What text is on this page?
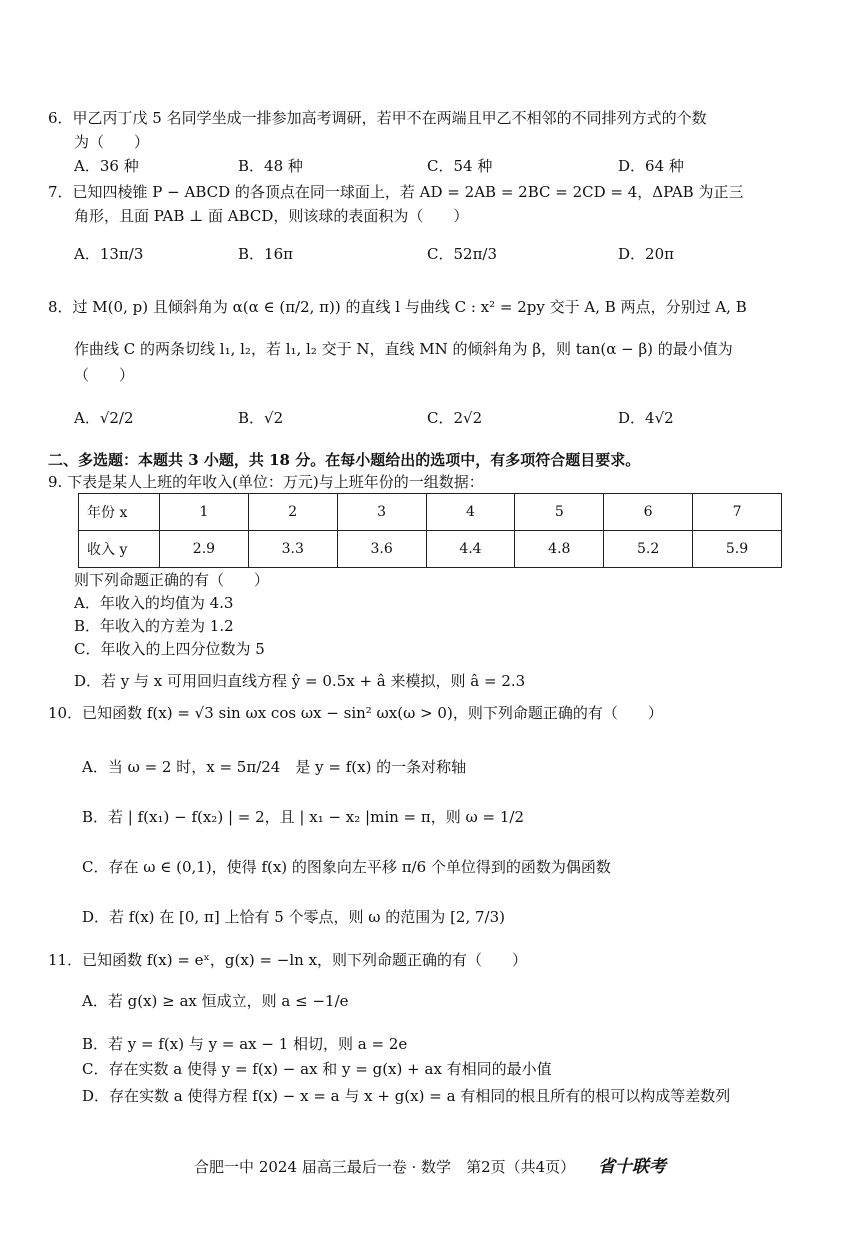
6．甲乙丙丁戊 5 名同学坐成一排参加高考调研，若甲不在两端且甲乙不相邻的不同排列方式的个数
为（　　）
A．36 种	B．48 种	C．54 种	D．64 种
7．已知四棱锥 P − ABCD 的各顶点在同一球面上，若 AD = 2AB = 2BC = 2CD = 4，ΔPAB 为正三
角形，且面 PAB ⊥ 面 ABCD，则该球的表面积为（　　）
A．13π/3	B．16π	C．52π/3	D．20π
8．过 M(0, p) 且倾斜角为 α(α ∈ (π/2, π)) 的直线 l 与曲线 C : x² = 2py 交于 A, B 两点，分别过 A, B
作曲线 C 的两条切线 l₁, l₂，若 l₁, l₂ 交于 N，直线 MN 的倾斜角为 β，则 tan(α − β) 的最小值为
（　　）
A．√2/2	B．√2	C．2√2	D．4√2
二、多选题：本题共 3 小题，共 18 分。在每小题给出的选项中，有多项符合题目要求。
9. 下表是某人上班的年收入(单位：万元)与上班年份的一组数据：
年份 x	1	2	3	4	5	6	7
收入 y	2.9	3.3	3.6	4.4	4.8	5.2	5.9
则下列命题正确的有（　　）
A．年收入的均值为 4.3
B．年收入的方差为 1.2
C．年收入的上四分位数为 5
D．若 y 与 x 可用回归直线方程 ŷ = 0.5x + â 来模拟，则 â = 2.3
10．已知函数 f(x) = √3 sin ωx cos ωx − sin² ωx(ω > 0)，则下列命题正确的有（　　）
A．当 ω = 2 时，x = 5π/24　是 y = f(x) 的一条对称轴
B．若 | f(x₁) − f(x₂) | = 2，且 | x₁ − x₂ |min = π，则 ω = 1/2
C．存在 ω ∈ (0,1)，使得 f(x) 的图象向左平移 π/6 个单位得到的函数为偶函数
D．若 f(x) 在 [0, π] 上恰有 5 个零点，则 ω 的范围为 [2, 7/3)
11．已知函数 f(x) = eˣ，g(x) = −ln x，则下列命题正确的有（　　）
A．若 g(x) ≥ ax 恒成立，则 a ≤ −1/e
B．若 y = f(x) 与 y = ax − 1 相切，则 a = 2e
C．存在实数 a 使得 y = f(x) − ax 和 y = g(x) + ax 有相同的最小值
D．存在实数 a 使得方程 f(x) − x = a 与 x + g(x) = a 有相同的根且所有的根可以构成等差数列
合肥一中 2024 届高三最后一卷 · 数学　第2页（共4页） 省十联考
